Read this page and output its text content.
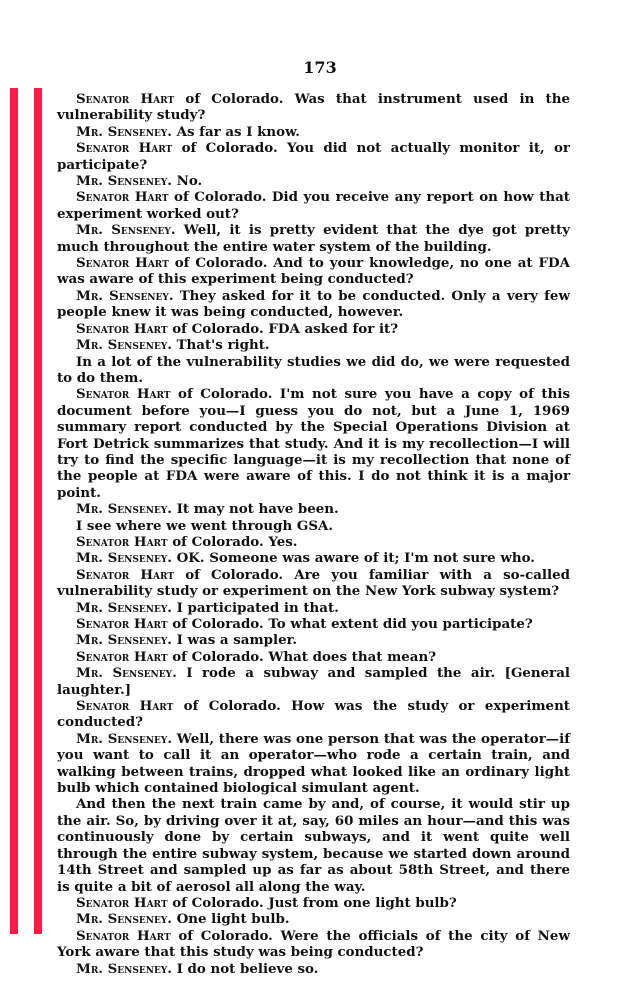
173

Senator Hart of Colorado. Was that instrument used in the vulnerability study?

Mr. Senseney. As far as I know.

Senator Hart of Colorado. You did not actually monitor it, or participate?

Mr. Senseney. No.

Senator Hart of Colorado. Did you receive any report on how that experiment worked out?

Mr. Senseney. Well, it is pretty evident that the dye got pretty much throughout the entire water system of the building.

Senator Hart of Colorado. And to your knowledge, no one at FDA was aware of this experiment being conducted?

Mr. Senseney. They asked for it to be conducted. Only a very few people knew it was being conducted, however.

Senator Hart of Colorado. FDA asked for it?

Mr. Senseney. That's right.

In a lot of the vulnerability studies we did do, we were requested to do them.

Senator Hart of Colorado. I'm not sure you have a copy of this document before you—I guess you do not, but a June 1, 1969 summary report conducted by the Special Operations Division at Fort Detrick summarizes that study. And it is my recollection—I will try to find the specific language—it is my recollection that none of the people at FDA were aware of this. I do not think it is a major point.

Mr. Senseney. It may not have been.

I see where we went through GSA.

Senator Hart of Colorado. Yes.

Mr. Senseney. OK. Someone was aware of it; I'm not sure who.

Senator Hart of Colorado. Are you familiar with a so-called vulnerability study or experiment on the New York subway system?

Mr. Senseney. I participated in that.

Senator Hart of Colorado. To what extent did you participate?

Mr. Senseney. I was a sampler.

Senator Hart of Colorado. What does that mean?

Mr. Senseney. I rode a subway and sampled the air. [General laughter.]

Senator Hart of Colorado. How was the study or experiment conducted?

Mr. Senseney. Well, there was one person that was the operator—if you want to call it an operator—who rode a certain train, and walking between trains, dropped what looked like an ordinary light bulb which contained biological simulant agent.

And then the next train came by and, of course, it would stir up the air. So, by driving over it at, say, 60 miles an hour—and this was continuously done by certain subways, and it went quite well through the entire subway system, because we started down around 14th Street and sampled up as far as about 58th Street, and there is quite a bit of aerosol all along the way.

Senator Hart of Colorado. Just from one light bulb?

Mr. Senseney. One light bulb.

Senator Hart of Colorado. Were the officials of the city of New York aware that this study was being conducted?

Mr. Senseney. I do not believe so.
